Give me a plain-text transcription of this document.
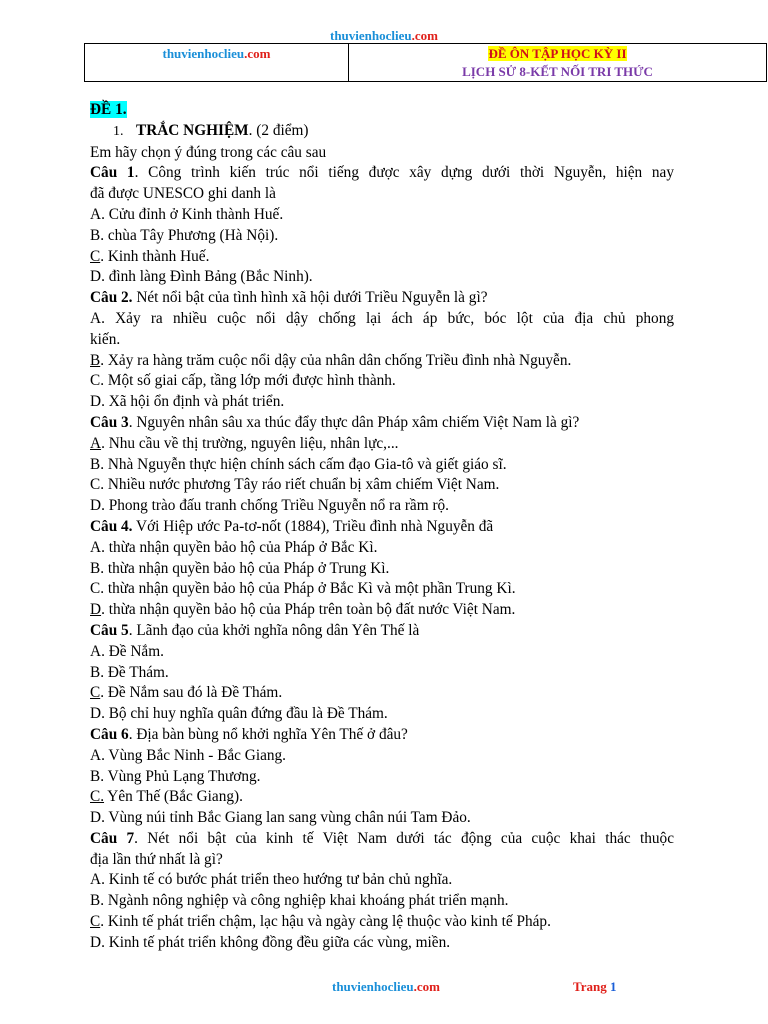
thuvienhoclieu.com
thuvienhoclieu.com	ĐỀ ÔN TẬP HỌC KỲ II
LỊCH SỬ 8-KẾT NỐI TRI THỨC
ĐỀ 1.
1. TRẮC NGHIỆM. (2 điểm)
Em hãy chọn ý đúng trong các câu sau
Câu 1. Công trình kiến trúc nổi tiếng được xây dựng dưới thời Nguyễn, hiện nay
đã được UNESCO ghi danh là
A. Cửu đỉnh ở Kinh thành Huế.
B. chùa Tây Phương (Hà Nội).
C. Kinh thành Huế.
D. đình làng Đình Bảng (Bắc Ninh).
Câu 2. Nét nổi bật của tình hình xã hội dưới Triều Nguyễn là gì?
A. Xảy ra nhiều cuộc nổi dậy chống lại ách áp bức, bóc lột của địa chủ phong
kiến.
B. Xảy ra hàng trăm cuộc nổi dậy của nhân dân chống Triều đình nhà Nguyễn.
C. Một số giai cấp, tầng lớp mới được hình thành.
D. Xã hội ổn định và phát triển.
Câu 3. Nguyên nhân sâu xa thúc đẩy thực dân Pháp xâm chiếm Việt Nam là gì?
A. Nhu cầu về thị trường, nguyên liệu, nhân lực,...
B. Nhà Nguyễn thực hiện chính sách cấm đạo Gia-tô và giết giáo sĩ.
C. Nhiều nước phương Tây ráo riết chuẩn bị xâm chiếm Việt Nam.
D. Phong trào đấu tranh chống Triều Nguyễn nổ ra rầm rộ.
Câu 4. Với Hiệp ước Pa-tơ-nốt (1884), Triều đình nhà Nguyễn đã
A. thừa nhận quyền bảo hộ của Pháp ở Bắc Kì.
B. thừa nhận quyền bảo hộ của Pháp ở Trung Kì.
C. thừa nhận quyền bảo hộ của Pháp ở Bắc Kì và một phần Trung Kì.
D. thừa nhận quyền bảo hộ của Pháp trên toàn bộ đất nước Việt Nam.
Câu 5. Lãnh đạo của khởi nghĩa nông dân Yên Thế là
A. Đề Nắm.
B. Đề Thám.
C. Đề Nắm sau đó là Đề Thám.
D. Bộ chỉ huy nghĩa quân đứng đầu là Đề Thám.
Câu 6. Địa bàn bùng nổ khởi nghĩa Yên Thế ở đâu?
A. Vùng Bắc Ninh - Bắc Giang.
B. Vùng Phủ Lạng Thương.
C. Yên Thế (Bắc Giang).
D. Vùng núi tỉnh Bắc Giang lan sang vùng chân núi Tam Đảo.
Câu 7. Nét nổi bật của kinh tế Việt Nam dưới tác động của cuộc khai thác thuộc
địa lần thứ nhất là gì?
A. Kinh tế có bước phát triển theo hướng tư bản chủ nghĩa.
B. Ngành nông nghiệp và công nghiệp khai khoáng phát triển mạnh.
C. Kinh tế phát triển chậm, lạc hậu và ngày càng lệ thuộc vào kinh tế Pháp.
D. Kinh tế phát triển không đồng đều giữa các vùng, miền.
thuvienhoclieu.com	Trang 1
